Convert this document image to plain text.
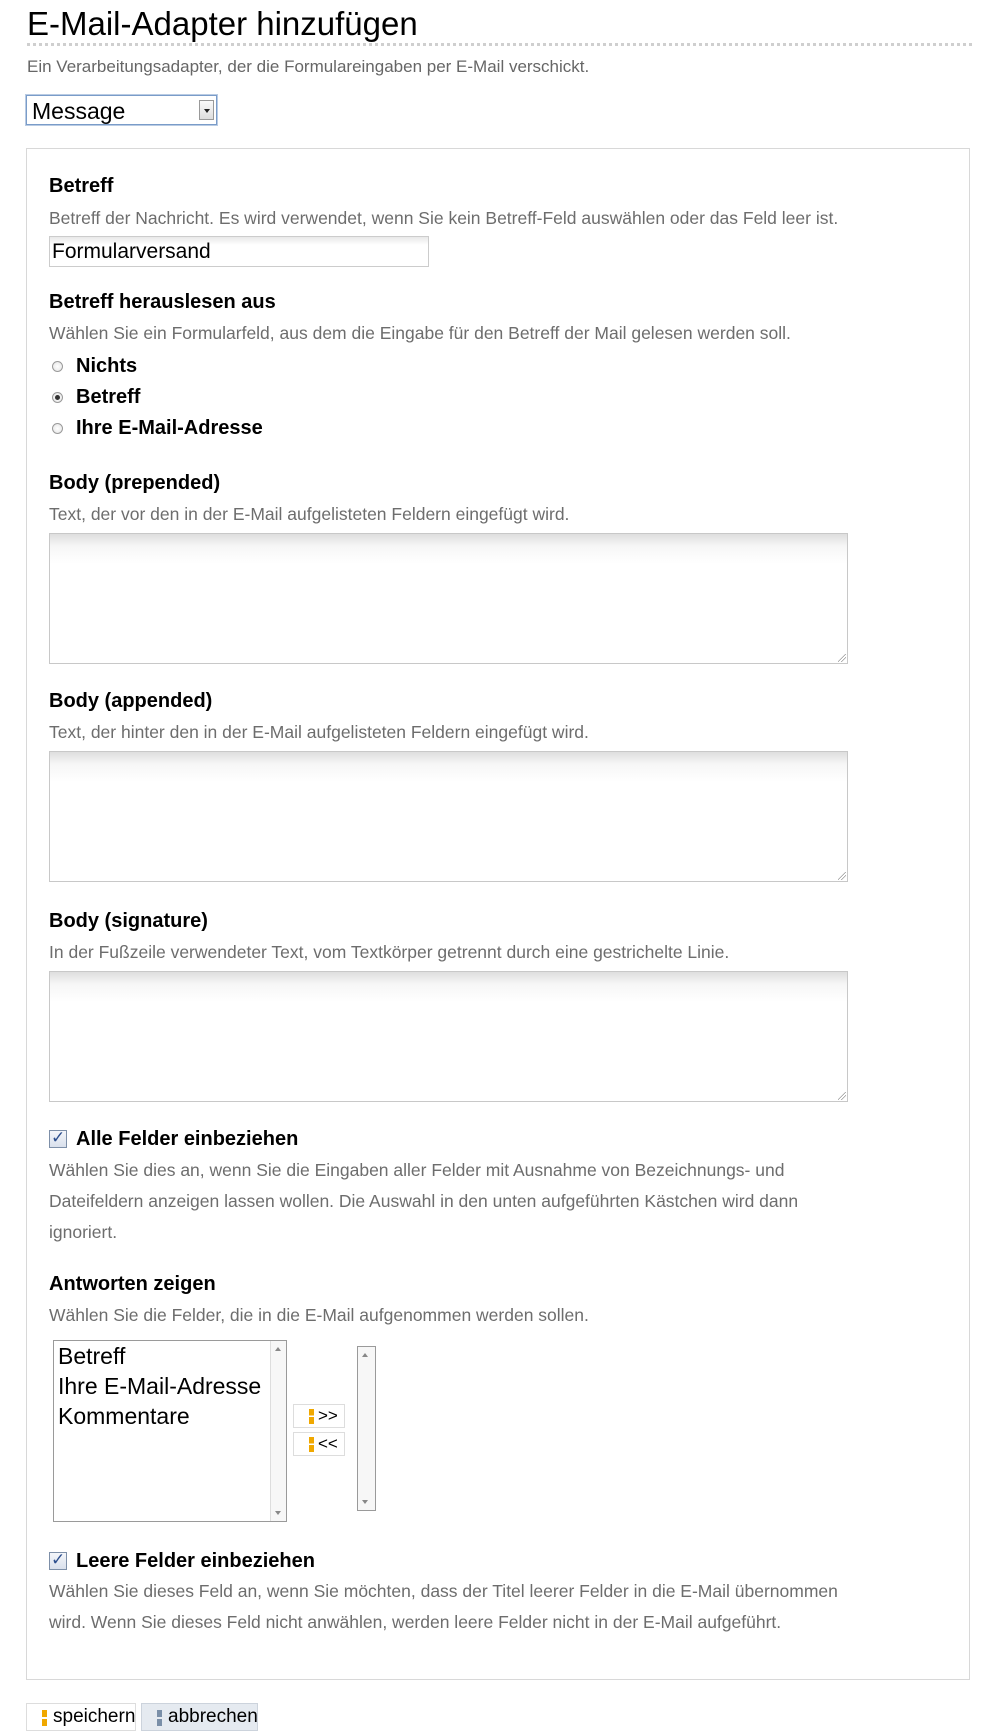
E-Mail-Adapter hinzufügen
Ein Verarbeitungsadapter, der die Formulareingaben per E-Mail verschickt.
Message
Betreff
Betreff der Nachricht. Es wird verwendet, wenn Sie kein Betreff-Feld auswählen oder das Feld leer ist.
Formularversand
Betreff herauslesen aus
Wählen Sie ein Formularfeld, aus dem die Eingabe für den Betreff der Mail gelesen werden soll.
Nichts
Betreff
Ihre E-Mail-Adresse
Body (prepended)
Text, der vor den in der E-Mail aufgelisteten Feldern eingefügt wird.
Body (appended)
Text, der hinter den in der E-Mail aufgelisteten Feldern eingefügt wird.
Body (signature)
In der Fußzeile verwendeter Text, vom Textkörper getrennt durch eine gestrichelte Linie.
✓
Alle Felder einbeziehen
Wählen Sie dies an, wenn Sie die Eingaben aller Felder mit Ausnahme von Bezeichnungs- und
Dateifeldern anzeigen lassen wollen. Die Auswahl in den unten aufgeführten Kästchen wird dann
ignoriert.
Antworten zeigen
Wählen Sie die Felder, die in die E-Mail aufgenommen werden sollen.
Betreff
Ihre E-Mail-Adresse
Kommentare	>>
<<
✓
Leere Felder einbeziehen
Wählen Sie dieses Feld an, wenn Sie möchten, dass der Titel leerer Felder in die E-Mail übernommen
wird. Wenn Sie dieses Feld nicht anwählen, werden leere Felder nicht in der E-Mail aufgeführt.
speichern abbrechen
